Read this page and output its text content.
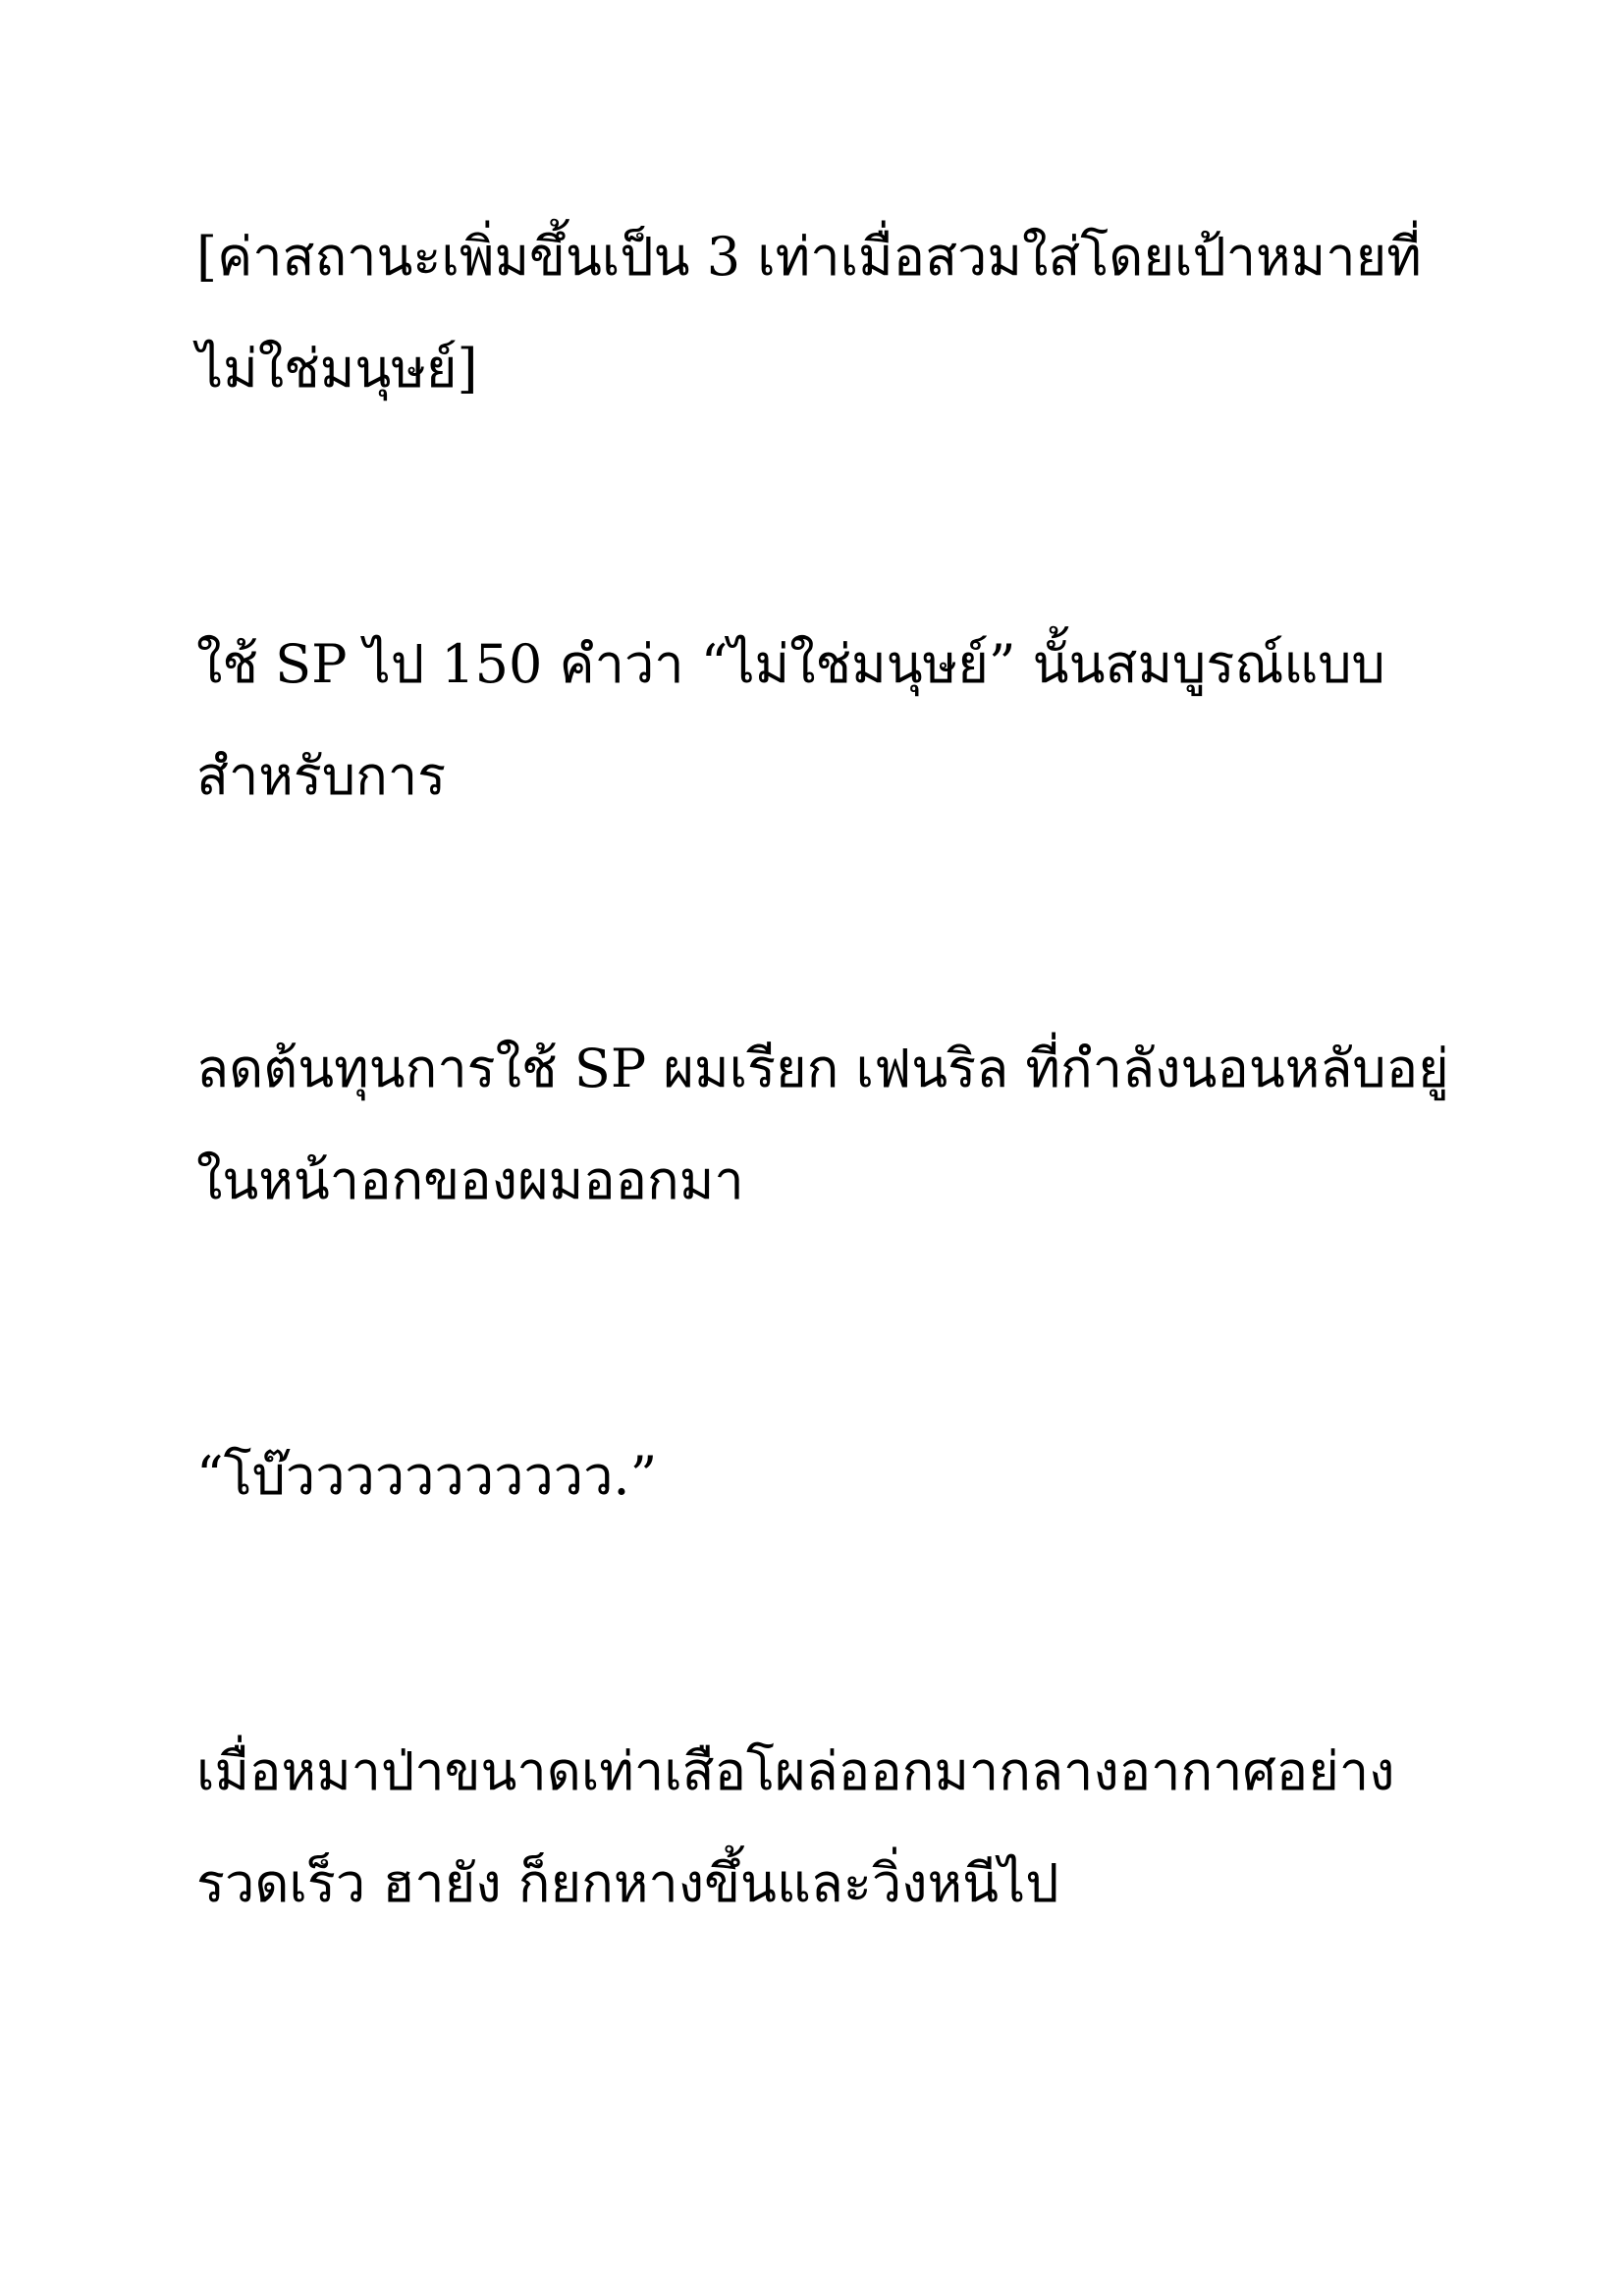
[ค่าสถานะเพิ่มขึ้นเป็น 3 เท่าเมื่อสวมใส่โดยเป้าหมายที่
ไม่ใช่มนุษย์]

ใช้ SP ไป 150 คำว่า “ไม่ใช่มนุษย์” นั้นสมบูรณ์แบบ
สำหรับการ

ลดต้นทุนการใช้ SP ผมเรียก เฟนริล ที่กำลังนอนหลับอยู่
ในหน้าอกของผมออกมา

“โบ๊ววววววววววว.”

เมื่อหมาป่าขนาดเท่าเสือโผล่ออกมากลางอากาศอย่าง
รวดเร็ว ฮายัง ก็ยกหางขึ้นและวิ่งหนีไป
